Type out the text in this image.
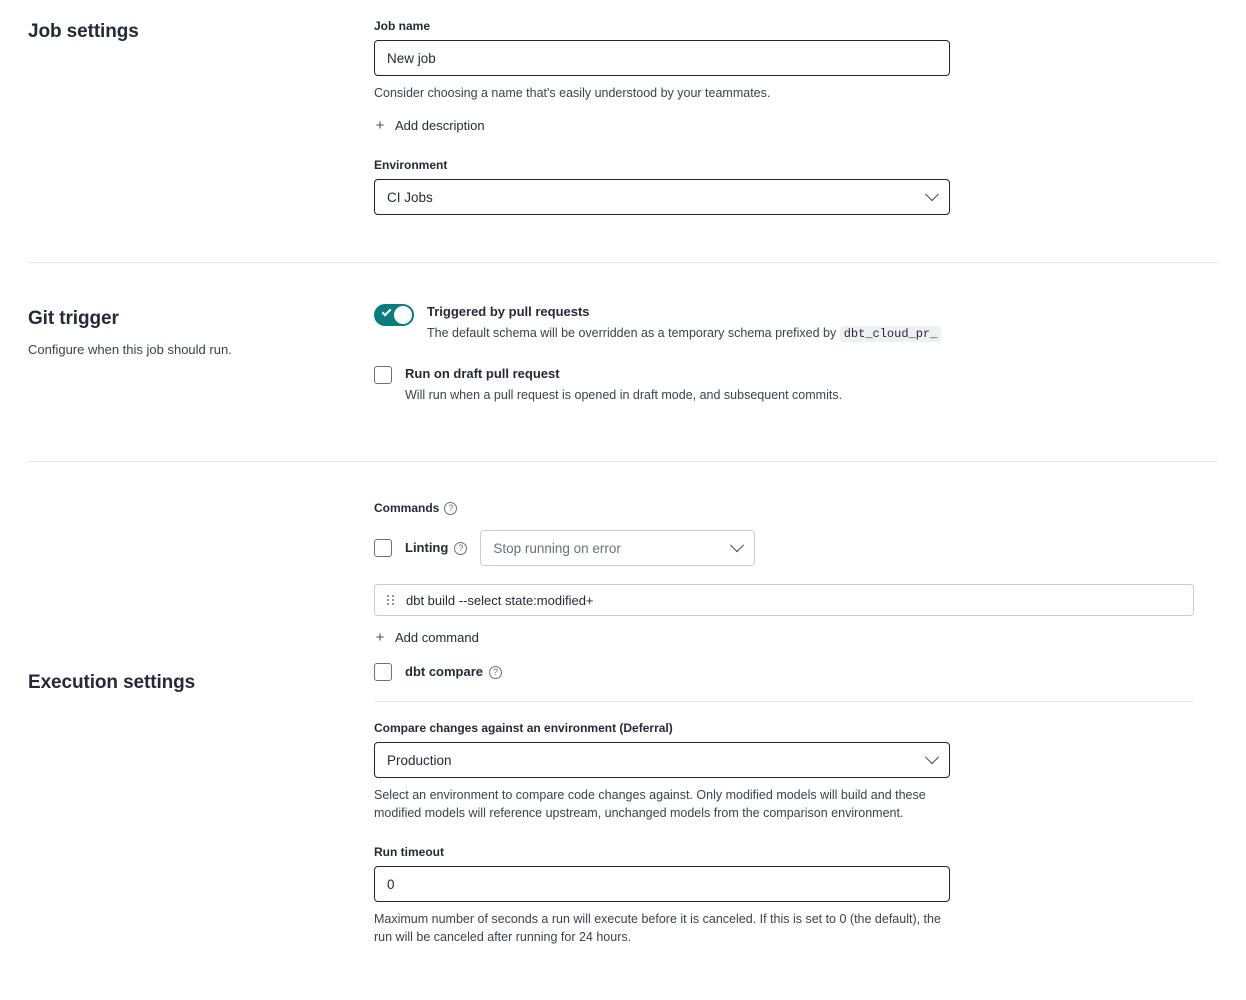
Job settings	Job name
New job
Consider choosing a name that's easily understood by your teammates.
+ Add description
Environment
CI Jobs
Git trigger
Configure when this job should run.
Triggered by pull requests
The default schema will be overridden as a temporary schema prefixed by dbt_cloud_pr_
Run on draft pull request
Will run when a pull request is opened in draft mode, and subsequent commits.
Execution settings
Commands ?
Linting	? Stop running on error
dbt build --select state:modified+
+ Add command
dbt compare	?
Compare changes against an environment (Deferral)
Production
Select an environment to compare code changes against. Only modified models will build and these modified models will reference upstream, unchanged models from the comparison environment.
Run timeout
0
Maximum number of seconds a run will execute before it is canceled. If this is set to 0 (the default), the run will be canceled after running for 24 hours.
